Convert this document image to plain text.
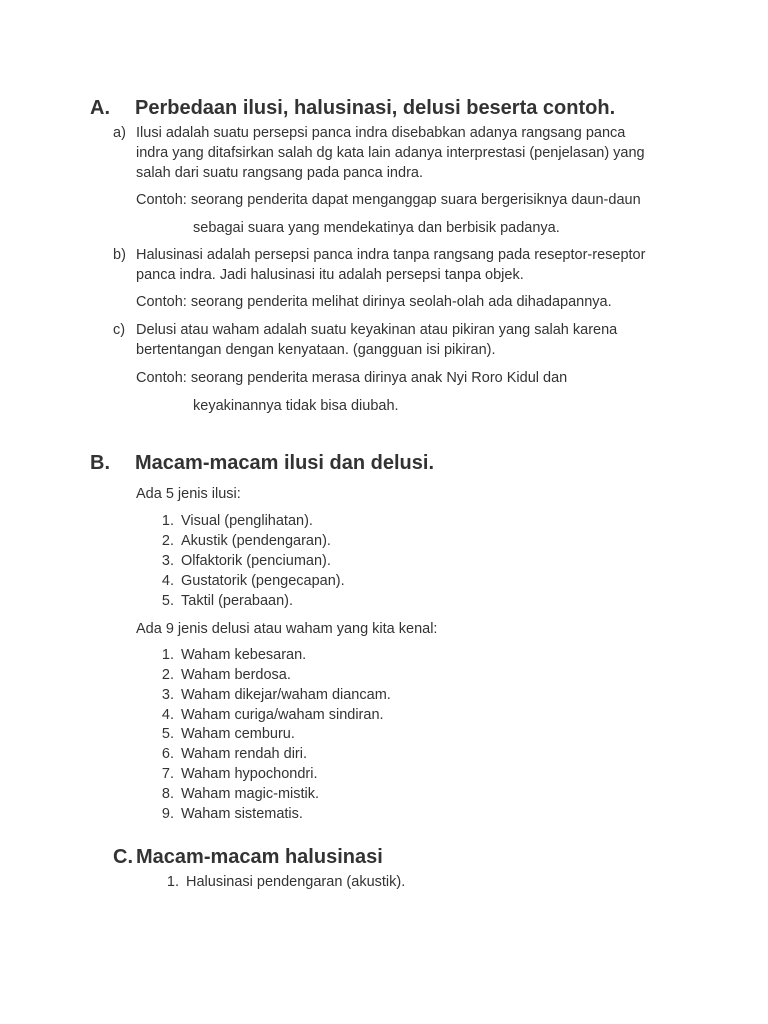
A. Perbedaan ilusi, halusinasi, delusi beserta contoh.
a) Ilusi adalah suatu persepsi panca indra disebabkan adanya rangsang panca
indra yang ditafsirkan salah dg kata lain adanya interprestasi (penjelasan) yang
salah dari suatu rangsang pada panca indra.
Contoh: seorang penderita dapat menganggap suara bergerisiknya daun-daun
sebagai suara yang mendekatinya dan berbisik padanya.
b) Halusinasi adalah persepsi panca indra tanpa rangsang pada reseptor-reseptor
panca indra. Jadi halusinasi itu adalah persepsi tanpa objek.
Contoh: seorang penderita melihat dirinya seolah-olah ada dihadapannya.
c) Delusi atau waham adalah suatu keyakinan atau pikiran yang salah karena
bertentangan dengan kenyataan. (gangguan isi pikiran).
Contoh: seorang penderita merasa dirinya anak Nyi Roro Kidul dan
keyakinannya tidak bisa diubah.
B. Macam-macam ilusi dan delusi.
Ada 5 jenis ilusi:
1. Visual (penglihatan).
2. Akustik (pendengaran).
3. Olfaktorik (penciuman).
4. Gustatorik (pengecapan).
5. Taktil (perabaan).
Ada 9 jenis delusi atau waham yang kita kenal:
1. Waham kebesaran.
2. Waham berdosa.
3. Waham dikejar/waham diancam.
4. Waham curiga/waham sindiran.
5. Waham cemburu.
6. Waham rendah diri.
7. Waham hypochondri.
8. Waham magic-mistik.
9. Waham sistematis.
C. Macam-macam halusinasi
1. Halusinasi pendengaran (akustik).
